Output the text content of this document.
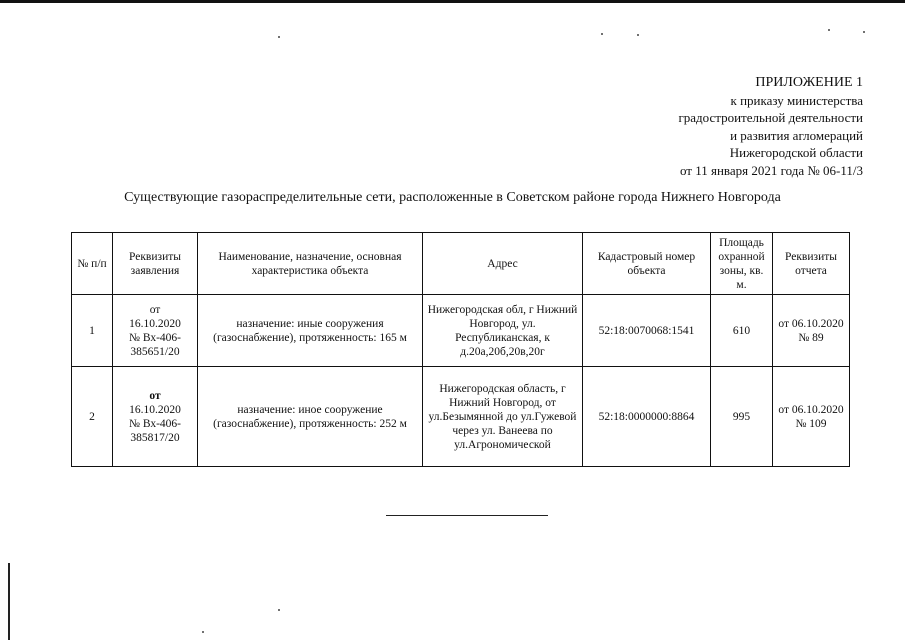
ПРИЛОЖЕНИЕ 1
к приказу министерства
градостроительной деятельности
и развития агломераций
Нижегородской области
от 11 января 2021 года № 06-11/3
Существующие газораспределительные сети, расположенные в Советском районе города Нижнего Новгорода
№ п/п	Реквизиты заявления	Наименование, назначение, основная характеристика объекта	Адрес	Кадастровый номер объекта	Площадь охранной зоны, кв. м.	Реквизиты отчета
1	от
16.10.2020
№ Вх-406-385651/20	назначение: иные сооружения (газоснабжение), протяженность: 165 м	Нижегородская обл, г Нижний Новгород, ул. Республиканская, к д.20а,20б,20в,20г	52:18:0070068:1541	610	от 06.10.2020 № 89
2	от
16.10.2020
№ Вх-406-385817/20	назначение: иное сооружение (газоснабжение), протяженность: 252 м	Нижегородская область, г Нижний Новгород, от ул.Безымянной до ул.Гужевой через ул. Ванеева по ул.Агрономической	52:18:0000000:8864	995	от 06.10.2020 № 109
